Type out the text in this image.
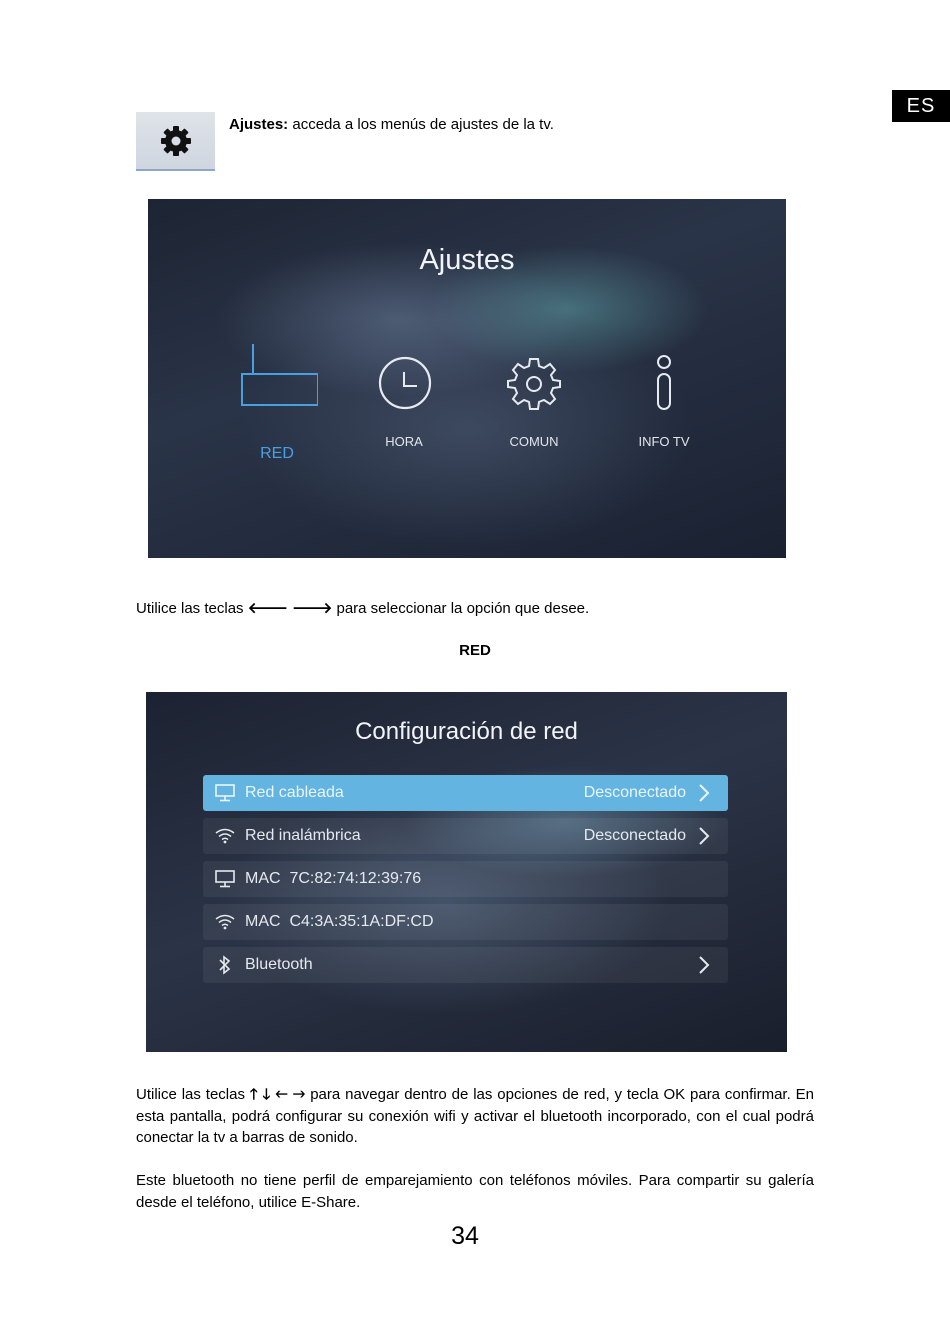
ES
Ajustes: acceda a los menús de ajustes de la tv.
Ajustes
RED
HORA	COMUN	INFO TV
Utilice las teclas 🡐 🡒 para seleccionar la opción que desee.
RED
Configuración de red
Red cableada	Desconectado
Red inalámbrica	Desconectado
MAC  7C:82:74:12:39:76
MAC  C4:3A:35:1A:DF:CD
Bluetooth
Utilice las teclas 🡑 🡓 🡐 🡒 para navegar dentro de las opciones de red, y tecla OK para confirmar. En esta pantalla, podrá configurar su conexión wifi y activar el bluetooth incorporado, con el cual podrá conectar la tv a barras de sonido.
Este bluetooth no tiene perfil de emparejamiento con teléfonos móviles. Para compartir su galería desde el teléfono, utilice E-Share.
34
